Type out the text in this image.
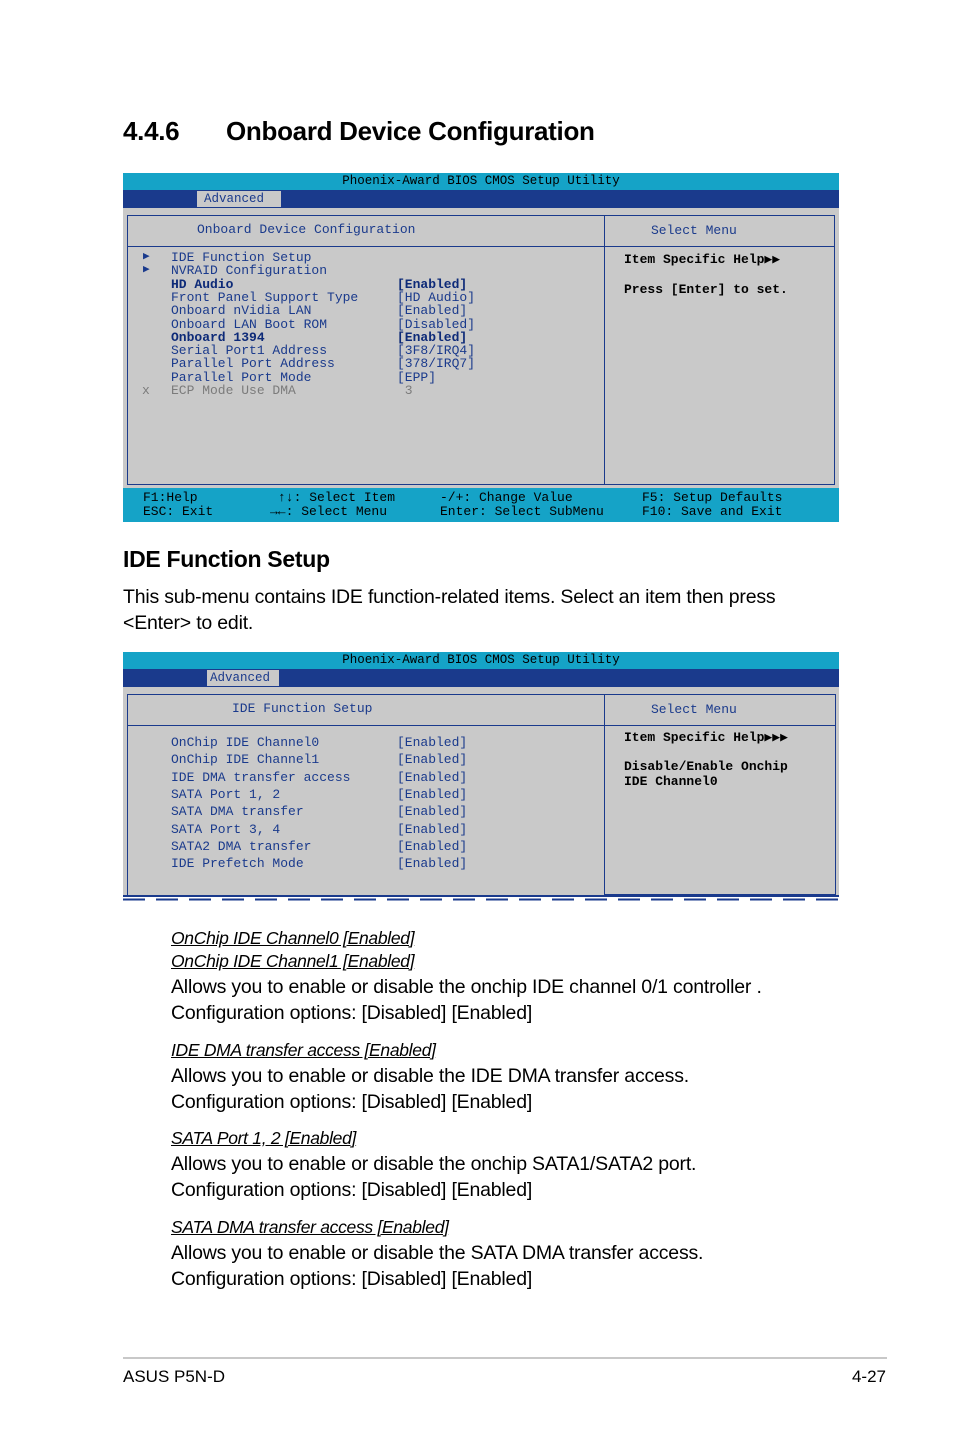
4.4.6 Onboard Device Configuration
Phoenix-Award BIOS CMOS Setup Utility
Advanced
Onboard Device Configuration
▶ IDE Function Setup
▶ NVRAID Configuration
HD Audio	[Enabled]
Front Panel Support Type	[HD Audio]
Onboard nVidia LAN	[Enabled]
Onboard LAN Boot ROM	[Disabled]
Onboard 1394	[Enabled]
Serial Port1 Address	[3F8/IRQ4]
Parallel Port Address	[378/IRQ7]
Parallel Port Mode	[EPP]
x ECP Mode Use DMA	3
Select Menu
Item Specific Help▶▶
Press [Enter] to set.
F1:Help
ESC: Exit
↑↓: Select Item
→←: Select Menu
-/+: Change Value
Enter: Select SubMenu
F5: Setup Defaults
F10: Save and Exit
IDE Function Setup

This sub-menu contains IDE function-related items. Select an item then press <Enter> to edit.

Phoenix-Award BIOS CMOS Setup Utility
Advanced
IDE Function Setup
OnChip IDE Channel0	[Enabled]
OnChip IDE Channel1	[Enabled]
IDE DMA transfer access	[Enabled]
SATA Port 1, 2	[Enabled]
SATA DMA transfer	[Enabled]
SATA Port 3, 4	[Enabled]
SATA2 DMA transfer	[Enabled]
IDE Prefetch Mode	[Enabled]
Select Menu
Item Specific Help▶▶▶
Disable/Enable Onchip
IDE Channel0
OnChip IDE Channel0 [Enabled]
OnChip IDE Channel1 [Enabled]
Allows you to enable or disable the onchip IDE channel 0/1 controller .
Configuration options: [Disabled] [Enabled]
IDE DMA transfer access [Enabled]
Allows you to enable or disable the IDE DMA transfer access.
Configuration options: [Disabled] [Enabled]
SATA Port 1, 2 [Enabled]
Allows you to enable or disable the onchip SATA1/SATA2 port.
Configuration options: [Disabled] [Enabled]
SATA DMA transfer access [Enabled]
Allows you to enable or disable the SATA DMA transfer access.
Configuration options: [Disabled] [Enabled]
ASUS P5N-D	4-27
